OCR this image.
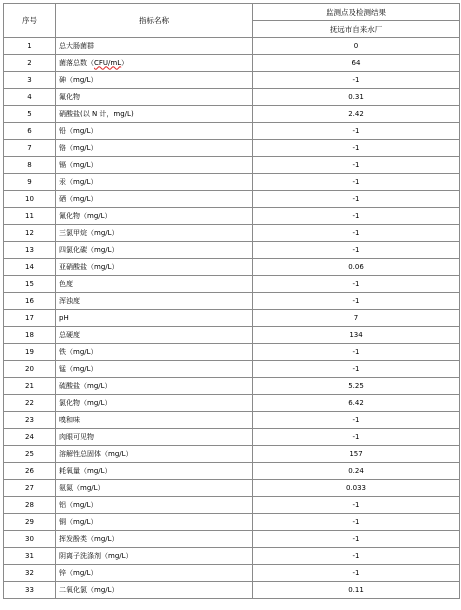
序号	指标名称	监测点及检测结果
		抚远市自来水厂
1	总大肠菌群	0
2	菌落总数（CFU/mL）	64
3	砷（mg/L）	-1
4	氟化物	0.31
5	硝酸盐(以 N 计，mg/L)	2.42
6	铅（mg/L）	-1
7	铬（mg/L）	-1
8	镉（mg/L）	-1
9	汞（mg/L）	-1
10	硒（mg/L）	-1
11	氰化物（mg/L）	-1
12	三氯甲烷（mg/L）	-1
13	四氯化碳（mg/L）	-1
14	亚硝酸盐（mg/L）	0.06
15	色度	-1
16	浑浊度	-1
17	pH	7
18	总硬度	134
19	铁（mg/L）	-1
20	锰（mg/L）	-1
21	硫酸盐（mg/L）	5.25
22	氯化物（mg/L）	6.42
23	嗅和味	-1
24	肉眼可见物	-1
25	溶解性总固体（mg/L）	157
26	耗氧量（mg/L）	0.24
27	氨氮（mg/L）	0.033
28	铝（mg/L）	-1
29	铜（mg/L）	-1
30	挥发酚类（mg/L）	-1
31	阴离子洗涤剂（mg/L）	-1
32	锌（mg/L）	-1
33	二氧化氯（mg/L）	0.11
